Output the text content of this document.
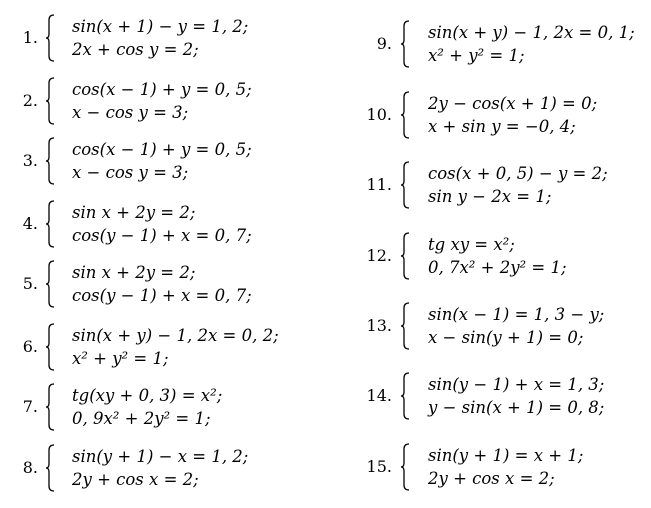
1.
sin(x + 1) − y = 1, 2;
2x + cos y = 2;
2.
cos(x − 1) + y = 0, 5;
x − cos y = 3;
3.
cos(x − 1) + y = 0, 5;
x − cos y = 3;
4.
sin x + 2y = 2;
cos(y − 1) + x = 0, 7;
5.
sin x + 2y = 2;
cos(y − 1) + x = 0, 7;
6.
sin(x + y) − 1, 2x = 0, 2;
x² + y² = 1;
7.
tg(xy + 0, 3) = x²;
0, 9x² + 2y² = 1;
8.
sin(y + 1) − x = 1, 2;
2y + cos x = 2;
9.
sin(x + y) − 1, 2x = 0, 1;
x² + y² = 1;
10.
2y − cos(x + 1) = 0;
x + sin y = −0, 4;
11.
cos(x + 0, 5) − y = 2;
sin y − 2x = 1;
12.
tg xy = x²;
0, 7x² + 2y² = 1;
13.
sin(x − 1) = 1, 3 − y;
x − sin(y + 1) = 0;
14.
sin(y − 1) + x = 1, 3;
y − sin(x + 1) = 0, 8;
15.
sin(y + 1) = x + 1;
2y + cos x = 2;
